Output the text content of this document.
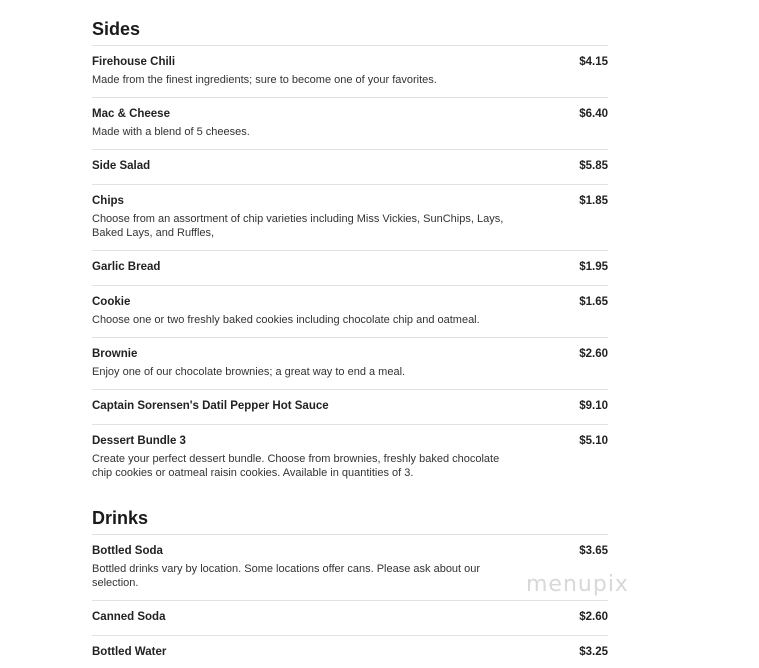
Sides
Firehouse Chili	$4.15
Made from the finest ingredients; sure to become one of your favorites.
Mac & Cheese	$6.40
Made with a blend of 5 cheeses.
Side Salad	$5.85
Chips	$1.85
Choose from an assortment of chip varieties including Miss Vickies, SunChips, Lays, Baked Lays, and Ruffles,
Garlic Bread	$1.95
Cookie	$1.65
Choose one or two freshly baked cookies including chocolate chip and oatmeal.
Brownie	$2.60
Enjoy one of our chocolate brownies; a great way to end a meal.
Captain Sorensen's Datil Pepper Hot Sauce	$9.10
Dessert Bundle 3	$5.10
Create your perfect dessert bundle. Choose from brownies, freshly baked chocolate chip cookies or oatmeal raisin cookies. Available in quantities of 3.
Drinks
Bottled Soda	$3.65
Bottled drinks vary by location. Some locations offer cans. Please ask about our selection.
Canned Soda	$2.60
Bottled Water	$3.25
menupix
